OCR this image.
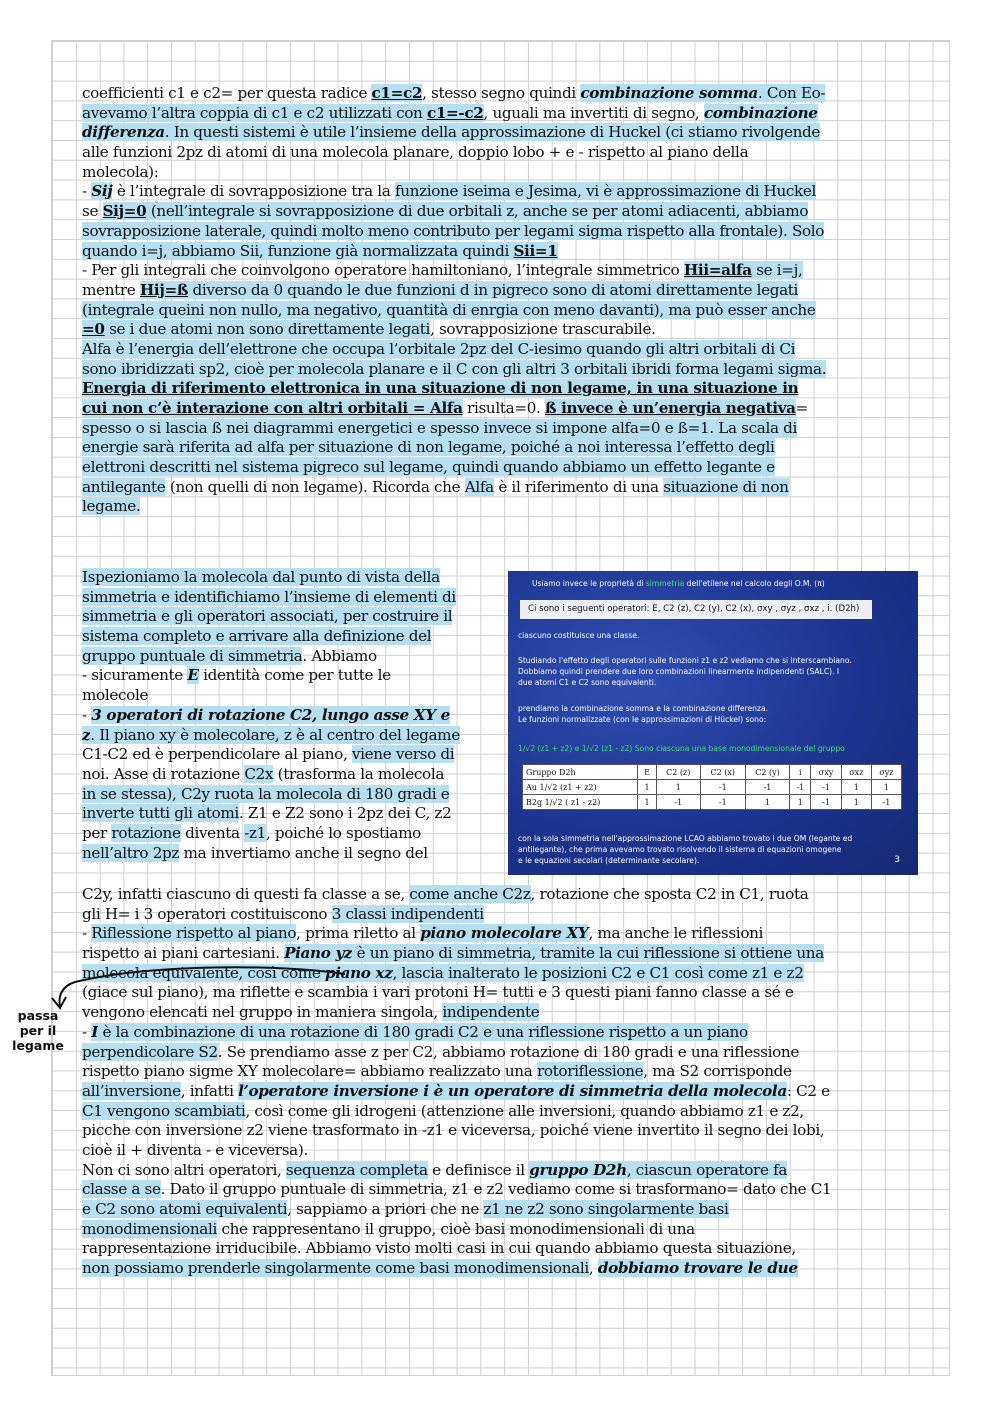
coefficienti c1 e c2= per questa radice c1=c2, stesso segno quindi combinazione somma. Con Eo-
avevamo l’altra coppia di c1 e c2 utilizzati con c1=-c2, uguali ma invertiti di segno, combinazione
differenza. In questi sistemi è utile l’insieme della approssimazione di Huckel (ci stiamo rivolgende
alle funzioni 2pz di atomi di una molecola planare, doppio lobo + e - rispetto al piano della
molecola):
- Sij è l’integrale di sovrapposizione tra la funzione iseima e Jesima, vi è approssimazione di Huckel
se Sij=0 (nell’integrale si sovrapposizione di due orbitali z, anche se per atomi adiacenti, abbiamo
sovrapposizione laterale, quindi molto meno contributo per legami sigma rispetto alla frontale). Solo
quando i=j, abbiamo Sii, funzione già normalizzata quindi Sii=1
- Per gli integrali che coinvolgono operatore hamiltoniano, l’integrale simmetrico Hii=alfa se i=j,
mentre Hij=ß diverso da 0 quando le due funzioni d in pigreco sono di atomi direttamente legati
(integrale queini non nullo, ma negativo, quantità di enrgia con meno davanti), ma può esser anche
=0 se i due atomi non sono direttamente legati, sovrapposizione trascurabile.
Alfa è l’energia dell’elettrone che occupa l’orbitale 2pz del C-iesimo quando gli altri orbitali di Ci
sono ibridizzati sp2, cioè per molecola planare e il C con gli altri 3 orbitali ibridi forma legami sigma.
Energia di riferimento elettronica in una situazione di non legame, in una situazione in
cui non c’è interazione con altri orbitali = Alfa risulta=0. ß invece è un’energia negativa=
spesso o si lascia ß nei diagrammi energetici e spesso invece si impone alfa=0 e ß=1. La scala di
energie sarà riferita ad alfa per situazione di non legame, poiché a noi interessa l’effetto degli
elettroni descritti nel sistema pigreco sul legame, quindi quando abbiamo un effetto legante e
antilegante (non quelli di non legame). Ricorda che Alfa è il riferimento di una situazione di non
legame.
Ispezioniamo la molecola dal punto di vista della
simmetria e identifichiamo l’insieme di elementi di
simmetria e gli operatori associati, per costruire il
sistema completo e arrivare alla definizione del
gruppo puntuale di simmetria. Abbiamo
- sicuramente E identità come per tutte le
molecole
- 3 operatori di rotazione C2, lungo asse XY e
z. Il piano xy è molecolare, z è al centro del legame
C1-C2 ed è perpendicolare al piano, viene verso di
noi. Asse di rotazione C2x (trasforma la molecola
in se stessa), C2y ruota la molecola di 180 gradi e
inverte tutti gli atomi. Z1 e Z2 sono i 2pz dei C, z2
per rotazione diventa -z1, poiché lo spostiamo
nell’altro 2pz ma invertiamo anche il segno del
C2y, infatti ciascuno di questi fa classe a se, come anche C2z, rotazione che sposta C2 in C1, ruota
gli H= i 3 operatori costituiscono 3 classi indipendenti
- Riflessione rispetto al piano, prima riletto al piano molecolare XY, ma anche le riflessioni
rispetto ai piani cartesiani. Piano yz è un piano di simmetria, tramite la cui riflessione si ottiene una
molecola equivalente, così come piano xz, lascia inalterato le posizioni C2 e C1 così come z1 e z2
(giace sul piano), ma riflette e scambia i vari protoni H= tutti e 3 questi piani fanno classe a sé e
vengono elencati nel gruppo in maniera singola, indipendente
- I è la combinazione di una rotazione di 180 gradi C2 e una riflessione rispetto a un piano
perpendicolare S2. Se prendiamo asse z per C2, abbiamo rotazione di 180 gradi e una riflessione
rispetto piano sigme XY molecolare= abbiamo realizzato una rotoriflessione, ma S2 corrisponde
all’inversione, infatti l’operatore inversione i è un operatore di simmetria della molecola: C2 e
C1 vengono scambiati, così come gli idrogeni (attenzione alle inversioni, quando abbiamo z1 e z2,
picche con inversione z2 viene trasformato in -z1 e viceversa, poiché viene invertito il segno dei lobi,
cioè il + diventa - e viceversa).
Non ci sono altri operatori, sequenza completa e definisce il gruppo D2h, ciascun operatore fa
classe a se. Dato il gruppo puntuale di simmetria, z1 e z2 vediamo come si trasformano= dato che C1
e C2 sono atomi equivalenti, sappiamo a priori che ne z1 ne z2 sono singolarmente basi
monodimensionali che rappresentano il gruppo, cioè basi monodimensionali di una
rappresentazione irriducibile. Abbiamo visto molti casi in cui quando abbiamo questa situazione,
non possiamo prenderle singolarmente come basi monodimensionali, dobbiamo trovare le due
Usiamo invece le proprietà di simmetria dell'etilene nel calcolo degli O.M. (π)
Ci sono i seguenti operatori: E, C2 (z), C2 (y), C2 (x), σxy , σyz , σxz , i. (D2h)
ciascuno costituisce una classe.
Studiando l'effetto degli operatori sulle funzioni z1 e z2 vediamo che si interscambiano.
Dobbiamo quindi prendere due loro combinazioni linearmente indipendenti (SALC). I
due atomi C1 e C2 sono equivalenti.
prendiamo la combinazione somma e la combinazione differenza.
Le funzioni normalizzate (con le approssimazioni di Hückel) sono:
1/√2 (z1 + z2) e 1/√2 (z1 - z2) Sono ciascuna una base monodimensionale del gruppo
Gruppo D2h	E	C2 (z)	C2 (x)	C2 (y)	i	σxy	σxz	σyz
Au 1/√2 (z1 + z2)	1	1	-1	-1	-1	-1	1	1
B2g 1/√2 ( z1 - z2)	1	-1	-1	1	1	-1	1	-1
con la sola simmetria nell'approssimazione LCAO abbiamo trovato i due OM (legante ed
antilegante), che prima avevamo trovato risolvendo il sistema di equazioni omogene
e le equazioni secolari (determinante secolare).	3
passa
per il
legame
